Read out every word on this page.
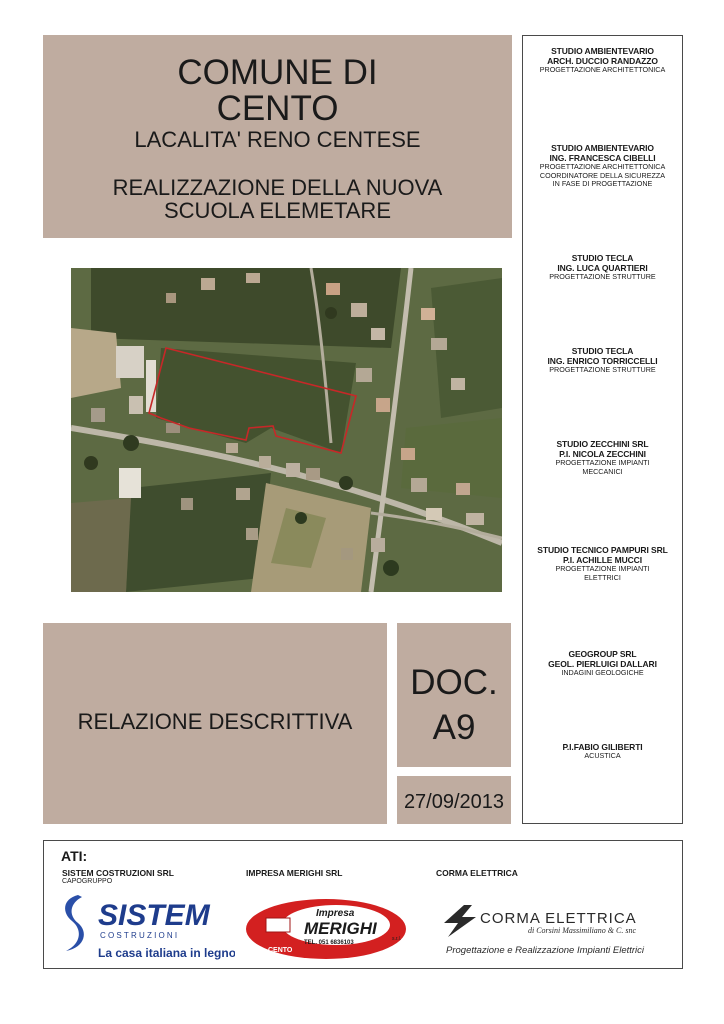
COMUNE DI
CENTO
LACALITA' RENO CENTESE
REALIZZAZIONE DELLA NUOVA
SCUOLA ELEMETARE
RELAZIONE DESCRITTIVA
DOC.
A9
27/09/2013
STUDIO AMBIENTEVARIO
ARCH. DUCCIO RANDAZZO
PROGETTAZIONE ARCHITETTONICA
STUDIO AMBIENTEVARIO
ING. FRANCESCA CIBELLI
PROGETTAZIONE ARCHITETTONICA
COORDINATORE DELLA SICUREZZA
IN FASE DI PROGETTAZIONE
STUDIO TECLA
ING. LUCA QUARTIERI
PROGETTAZIONE STRUTTURE
STUDIO TECLA
ING. ENRICO TORRICCELLI
PROGETTAZIONE STRUTTURE
STUDIO ZECCHINI SRL
P.I. NICOLA ZECCHINI
PROGETTAZIONE IMPIANTI
MECCANICI
STUDIO TECNICO PAMPURI SRL
P.I. ACHILLE MUCCI
PROGETTAZIONE IMPIANTI
ELETTRICI
GEOGROUP SRL
GEOL. PIERLUIGI DALLARI
INDAGINI GEOLOGICHE
P.I.FABIO GILIBERTI
ACUSTICA
ATI:
SISTEM COSTRUZIONI SRL
CAPOGRUPPO
IMPRESA MERIGHI SRL	CORMA ELETTRICA
SISTEM
COSTRUZIONI
La casa italiana in legno
Impresa
MERIGHI
s.r.l.
TEL. 051 6836103
CENTO
CORMA ELETTRICA
di Corsini Massimiliano & C. snc
Progettazione e Realizzazione Impianti Elettrici
